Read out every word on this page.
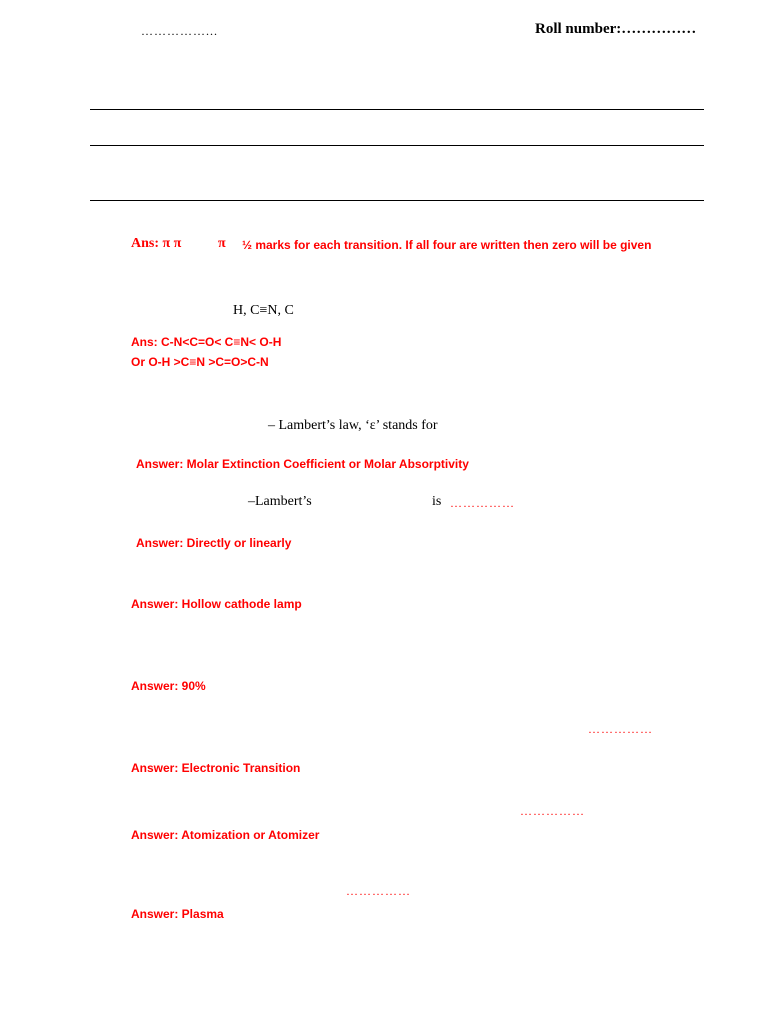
……………...	Roll number:……………
Ans: π π	π ½ marks for each transition. If all four are written then zero will be given
H, C≡N, C
Ans: C-N<C=O< C≡N< O-H
Or O-H >C≡N >C=O>C-N
– Lambert’s law, ‘ε’ stands for
Answer: Molar Extinction Coefficient or Molar Absorptivity
–Lambert’s	is ……………
Answer: Directly or linearly
Answer: Hollow cathode lamp
Answer: 90%
……………
Answer: Electronic Transition
……………
Answer: Atomization or Atomizer
……………
Answer: Plasma
